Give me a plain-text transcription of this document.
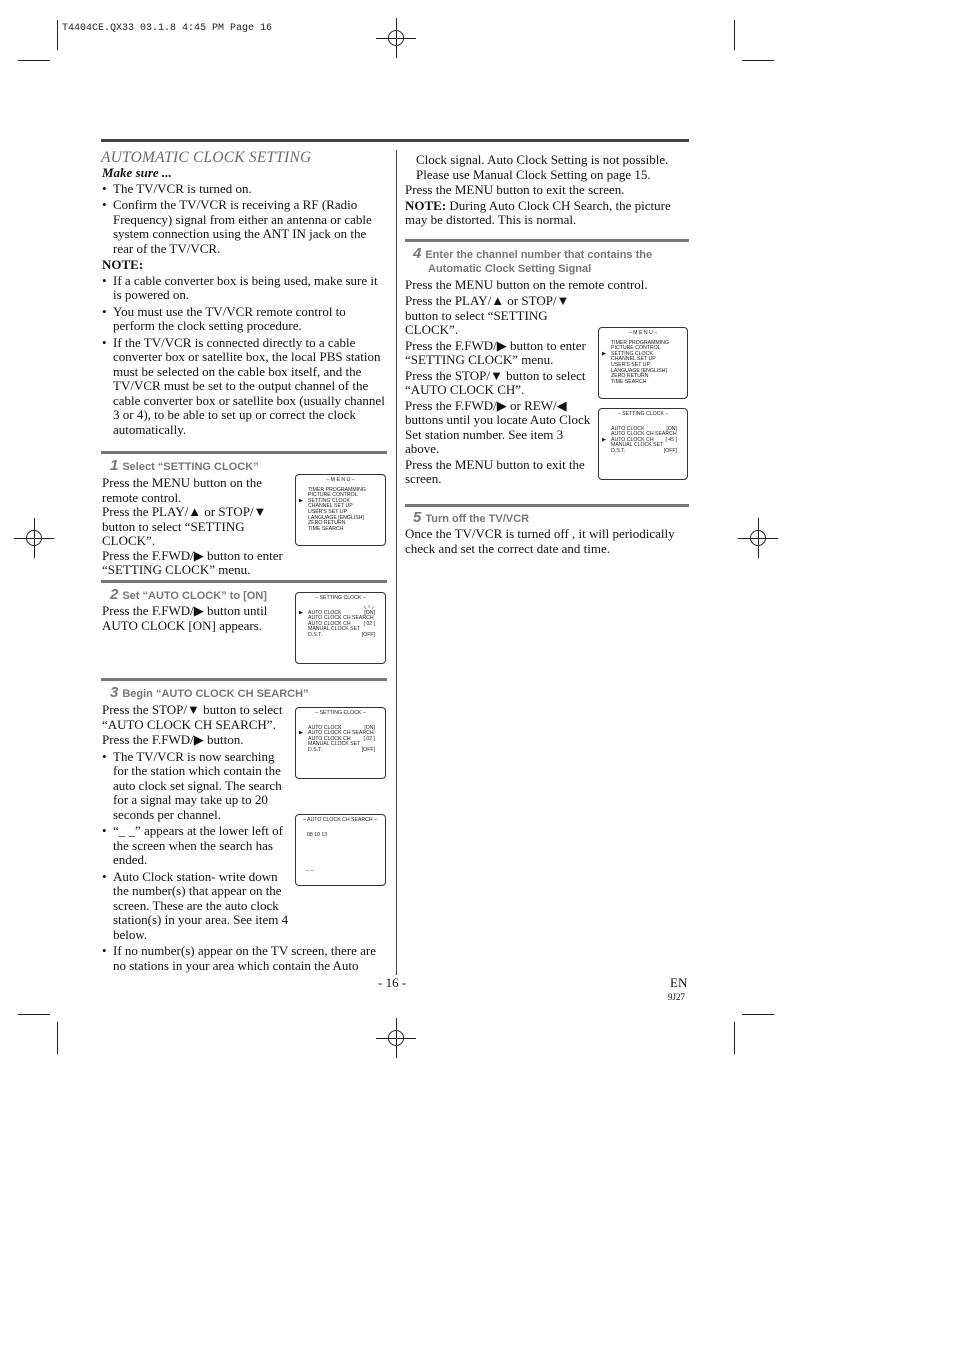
T4404CE.QX33 03.1.8 4:45 PM Page 16
AUTOMATIC CLOCK SETTING

Make sure ...

• The TV/VCR is turned on.
• Confirm the TV/VCR is receiving a RF (Radio Frequency) signal from either an antenna or cable system connection using the ANT IN jack on the rear of the TV/VCR.

NOTE:

• If a cable converter box is being used, make sure it is powered on.
• You must use the TV/VCR remote control to perform the clock setting procedure.
• If the TV/VCR is connected directly to a cable converter box or satellite box, the local PBS station must be selected on the cable box itself, and the TV/VCR must be set to the output channel of the cable converter box or satellite box (usually channel 3 or 4), to be able to set up or correct the clock automatically.
1 Select “SETTING CLOCK”

Press the MENU button on the remote control.

Press the PLAY/▲ or STOP/▼ button to select “SETTING CLOCK”.

Press the F.FWD/▶ button to enter “SETTING CLOCK” menu.

– M E N U –
TIMER PROGRAMMING
PICTURE CONTROL
▶ SETTING CLOCK
CHANNEL SET UP
USER'S SET UP
LANGUAGE [ENGLISH]
ZERO RETURN
TIME SEARCH
2 Set “AUTO CLOCK” to [ON]

Press the F.FWD/▶ button until AUTO CLOCK [ON] appears.

– SETTING CLOCK –
▶ AUTO CLOCK	[ON]
AUTO CLOCK CH SEARCH
AUTO CLOCK CH [ 02 ]
MANUAL CLOCK SET
D.S.T.	[OFF]
3 Begin “AUTO CLOCK CH SEARCH”

Press the STOP/▼ button to select “AUTO CLOCK CH SEARCH”.

Press the F.FWD/▶ button.

• The TV/VCR is now searching for the station which contain the auto clock set signal. The search for a signal may take up to 20 seconds per channel.
• “_ _” appears at the lower left of the screen when the search has ended.
• Auto Clock station- write down the number(s) that appear on the screen. These are the auto clock station(s) in your area. See item 4 below.
• If no number(s) appear on the TV screen, there are no stations in your area which contain the Auto
– SETTING CLOCK –
AUTO CLOCK	[ON]
▶ AUTO CLOCK CH SEARCH
AUTO CLOCK CH [ 02 ]
MANUAL CLOCK SET
D.S.T.	[OFF]
– AUTO CLOCK CH SEARCH –
08 10 13
_ _
Clock signal. Auto Clock Setting is not possible. Please use Manual Clock Setting on page 15.

Press the MENU button to exit the screen.

NOTE: During Auto Clock CH Search, the picture may be distorted. This is normal.

4 Enter the channel number that contains the
Automatic Clock Setting Signal

Press the MENU button on the remote control.

Press the PLAY/▲ or STOP/▼ button to select “SETTING CLOCK”.

Press the F.FWD/▶ button to enter “SETTING CLOCK” menu.

Press the STOP/▼ button to select “AUTO CLOCK CH”.

Press the F.FWD/▶ or REW/◀ buttons until you locate Auto Clock Set station number. See item 3 above.

Press the MENU button to exit the screen.

– M E N U –
TIMER PROGRAMMING
PICTURE CONTROL
▶ SETTING CLOCK
CHANNEL SET UP
USER'S SET UP
LANGUAGE [ENGLISH]
ZERO RETURN
TIME SEARCH
– SETTING CLOCK –
AUTO CLOCK	[ON]
AUTO CLOCK CH SEARCH
▶ AUTO CLOCK CH [ 45 ]
MANUAL CLOCK SET
D.S.T.	[OFF]
5 Turn off the TV/VCR

Once the TV/VCR is turned off , it will periodically check and set the correct date and time.

- 16 -	EN
9J27
